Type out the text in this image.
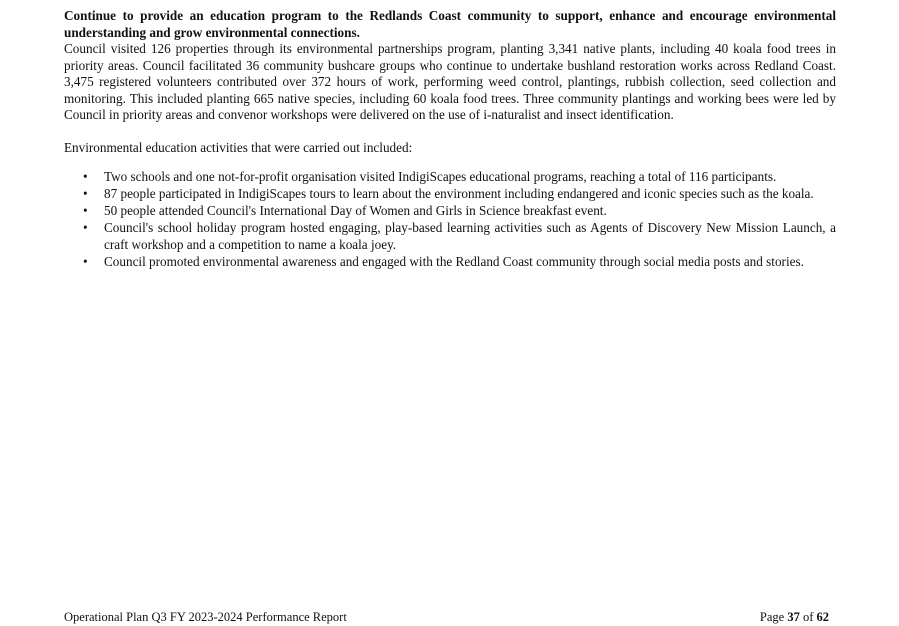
Continue to provide an education program to the Redlands Coast community to support, enhance and encourage environmental understanding and grow environmental connections.

Council visited 126 properties through its environmental partnerships program, planting 3,341 native plants, including 40 koala food trees in priority areas. Council facilitated 36 community bushcare groups who continue to undertake bushland restoration works across Redland Coast. 3,475 registered volunteers contributed over 372 hours of work, performing weed control, plantings, rubbish collection, seed collection and monitoring. This included planting 665 native species, including 60 koala food trees. Three community plantings and working bees were led by Council in priority areas and convenor workshops were delivered on the use of i-naturalist and insect identification.

Environmental education activities that were carried out included:

• Two schools and one not-for-profit organisation visited IndigiScapes educational programs, reaching a total of 116 participants.
• 87 people participated in IndigiScapes tours to learn about the environment including endangered and iconic species such as the koala.
• 50 people attended Council's International Day of Women and Girls in Science breakfast event.
• Council's school holiday program hosted engaging, play-based learning activities such as Agents of Discovery New Mission Launch, a craft workshop and a competition to name a koala joey.
• Council promoted environmental awareness and engaged with the Redland Coast community through social media posts and stories.
Operational Plan Q3 FY 2023-2024 Performance Report	Page 37 of 62
